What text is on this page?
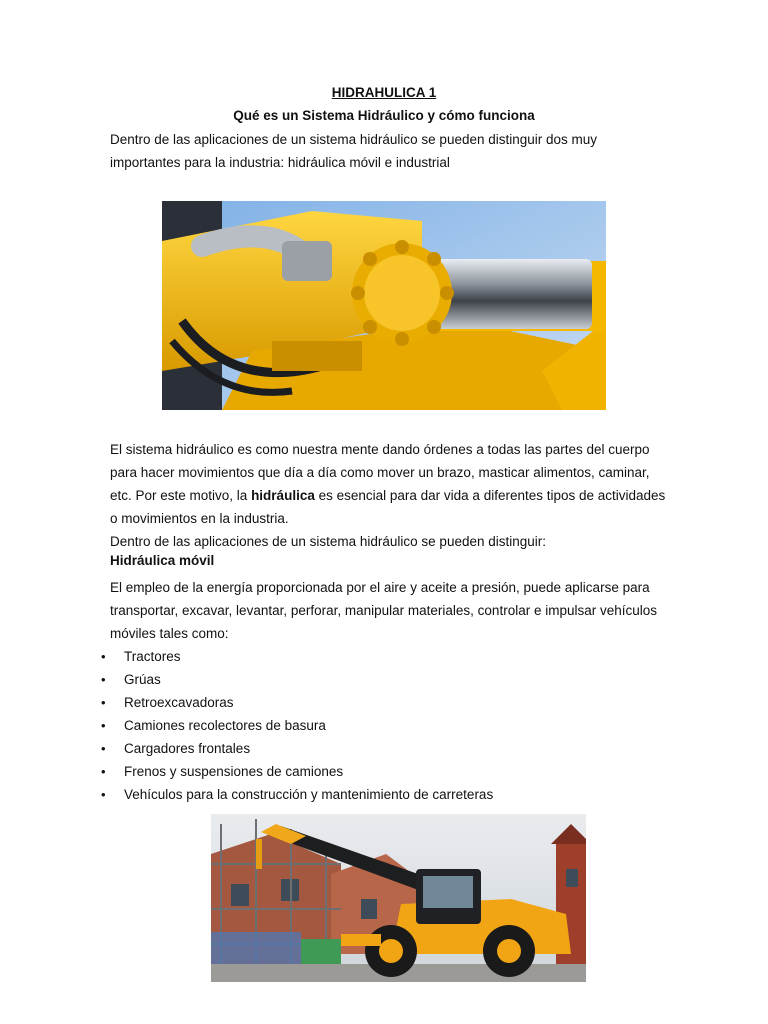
HIDRAHULICA 1
Qué es un Sistema Hidráulico y cómo funciona

Dentro de las aplicaciones de un sistema hidráulico se pueden distinguir dos muy importantes para la industria: hidráulica móvil e industrial

El sistema hidráulico es como nuestra mente dando órdenes a todas las partes del cuerpo para hacer movimientos que día a día como mover un brazo, masticar alimentos, caminar, etc. Por este motivo, la hidráulica es esencial para dar vida a diferentes tipos de actividades o movimientos en la industria.

Dentro de las aplicaciones de un sistema hidráulico se pueden distinguir:

Hidráulica móvil

El empleo de la energía proporcionada por el aire y aceite a presión, puede aplicarse para transportar, excavar, levantar, perforar, manipular materiales, controlar e impulsar vehículos móviles tales como:

• Tractores
• Grúas
• Retroexcavadoras
• Camiones recolectores de basura
• Cargadores frontales
• Frenos y suspensiones de camiones
• Vehículos para la construcción y mantenimiento de carreteras
